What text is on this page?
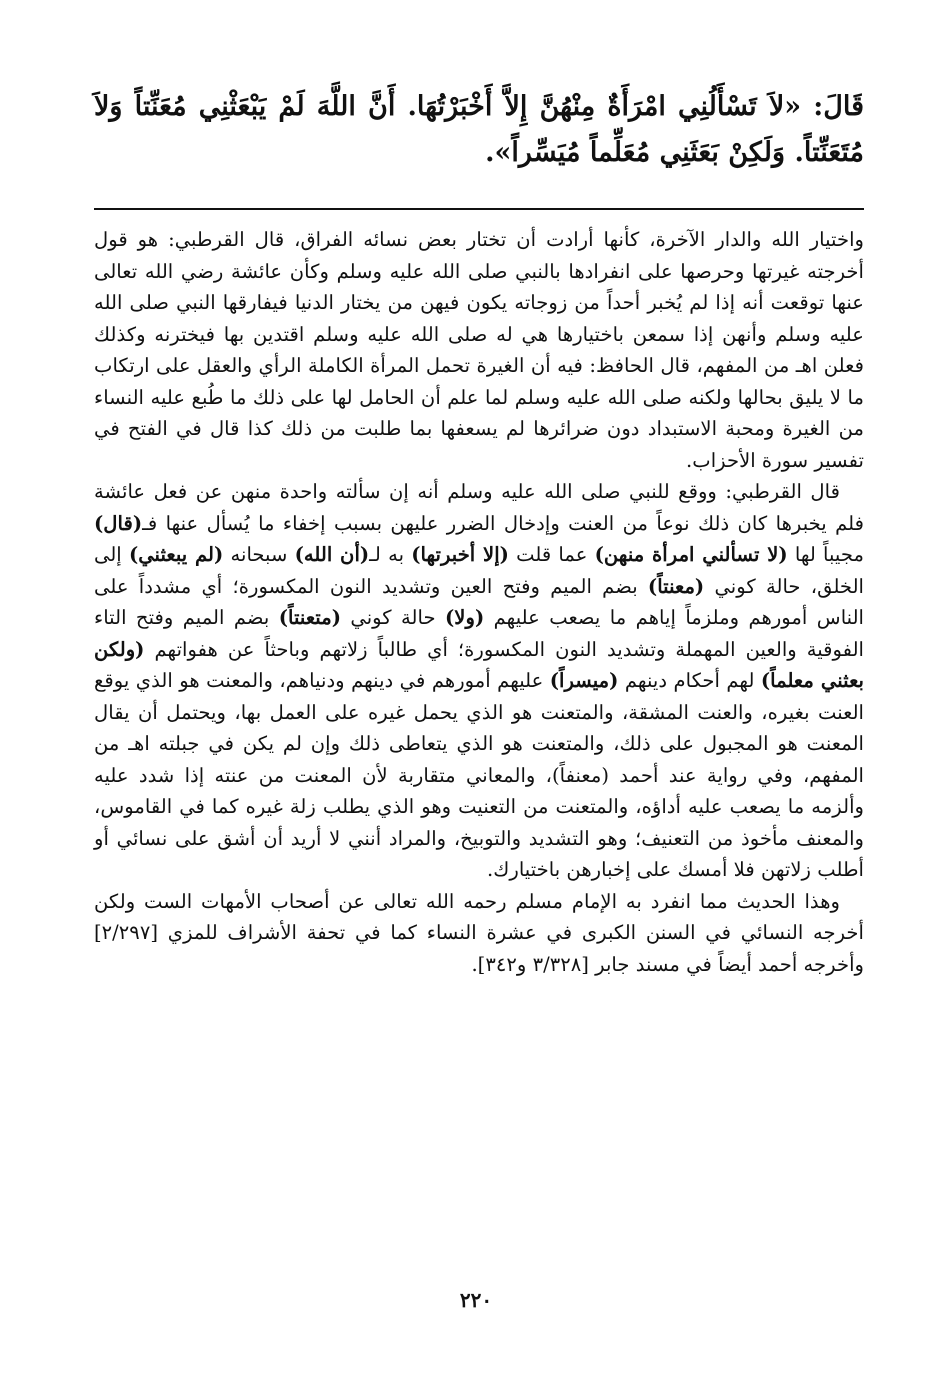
قَالَ: «لاَ تَسْأَلُنِي امْرَأَةٌ مِنْهُنَّ إِلاَّ أَخْبَرْتُهَا. أَنَّ اللَّهَ لَمْ يَبْعَثْنِي مُعَنِّتاً وَلاَ مُتَعَنِّتاً. وَلَكِنْ بَعَثَنِي مُعَلِّماً مُيَسِّراً».

واختيار الله والدار الآخرة، كأنها أرادت أن تختار بعض نسائه الفراق، قال القرطبي: هو قول أخرجته غيرتها وحرصها على انفرادها بالنبي صلى الله عليه وسلم وكأن عائشة رضي الله تعالى عنها توقعت أنه إذا لم يُخبر أحداً من زوجاته يكون فيهن من يختار الدنيا فيفارقها النبي صلى الله عليه وسلم وأنهن إذا سمعن باختيارها هي له صلى الله عليه وسلم اقتدين بها فيخترنه وكذلك فعلن اهـ من المفهم، قال الحافظ: فيه أن الغيرة تحمل المرأة الكاملة الرأي والعقل على ارتكاب ما لا يليق بحالها ولكنه صلى الله عليه وسلم لما علم أن الحامل لها على ذلك ما طُبع عليه النساء من الغيرة ومحبة الاستبداد دون ضرائرها لم يسعفها بما طلبت من ذلك كذا قال في الفتح في تفسير سورة الأحزاب.

قال القرطبي: ووقع للنبي صلى الله عليه وسلم أنه إن سألته واحدة منهن عن فعل عائشة فلم يخبرها كان ذلك نوعاً من العنت وإدخال الضرر عليهن بسبب إخفاء ما يُسأل عنها فـ(قال) مجيباً لها (لا تسألني امرأة منهن) عما قلت (إلا أخبرتها) به لـ(أن الله) سبحانه (لم يبعثني) إلى الخلق، حالة كوني (معنتاً) بضم الميم وفتح العين وتشديد النون المكسورة؛ أي مشدداً على الناس أمورهم وملزماً إياهم ما يصعب عليهم (ولا) حالة كوني (متعنتاً) بضم الميم وفتح التاء الفوقية والعين المهملة وتشديد النون المكسورة؛ أي طالباً زلاتهم وباحثاً عن هفواتهم (ولكن بعثني معلماً) لهم أحكام دينهم (ميسراً) عليهم أمورهم في دينهم ودنياهم، والمعنت هو الذي يوقع العنت بغيره، والعنت المشقة، والمتعنت هو الذي يحمل غيره على العمل بها، ويحتمل أن يقال المعنت هو المجبول على ذلك، والمتعنت هو الذي يتعاطى ذلك وإن لم يكن في جبلته اهـ من المفهم، وفي رواية عند أحمد (معنفاً)، والمعاني متقاربة لأن المعنت من عنته إذا شدد عليه وألزمه ما يصعب عليه أداؤه، والمتعنت من التعنيت وهو الذي يطلب زلة غيره كما في القاموس، والمعنف مأخوذ من التعنيف؛ وهو التشديد والتوبيخ، والمراد أنني لا أريد أن أشق على نسائي أو أطلب زلاتهن فلا أمسك على إخبارهن باختيارك.

وهذا الحديث مما انفرد به الإمام مسلم رحمه الله تعالى عن أصحاب الأمهات الست ولكن أخرجه النسائي في السنن الكبرى في عشرة النساء كما في تحفة الأشراف للمزي [٢/٢٩٧] وأخرجه أحمد أيضاً في مسند جابر [٣/٣٢٨ و٣٤٢].

٢٢٠
